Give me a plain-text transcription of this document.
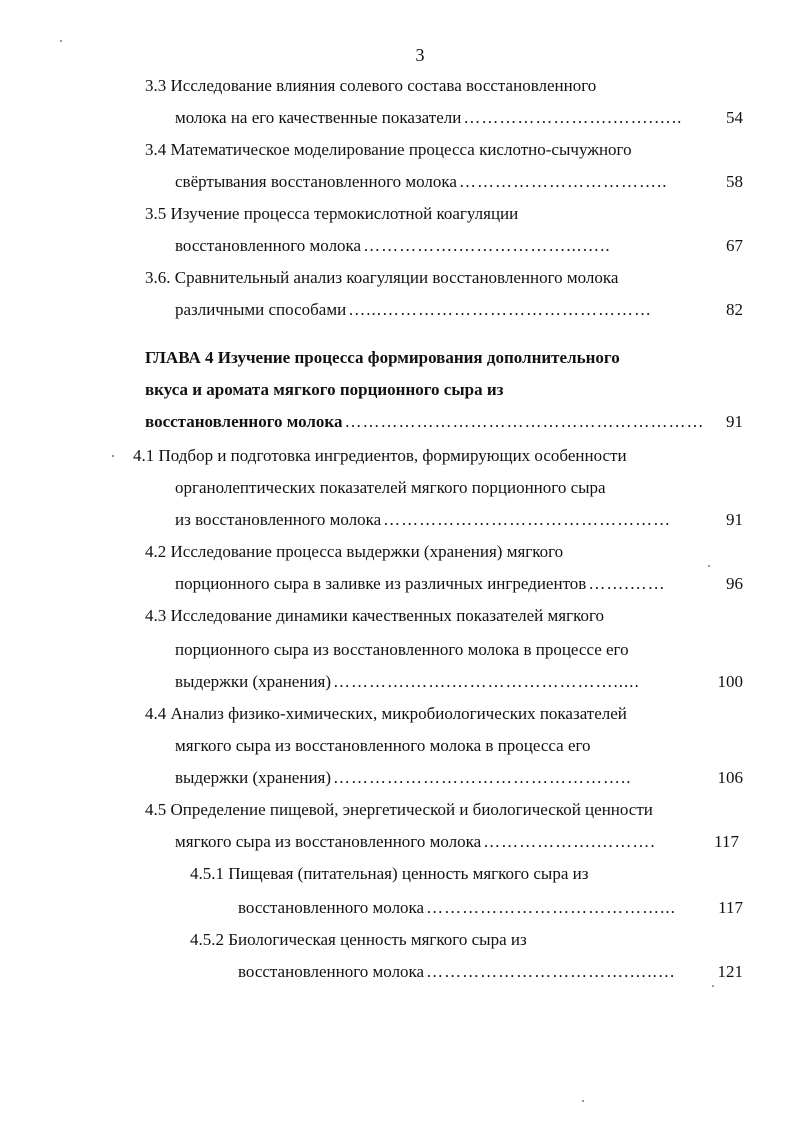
3
3.3 Исследование влияния солевого состава восстановленного
молока на его качественные показатели …………………….…….…..	54
3.4 Математическое моделирование процесса кислотно-сычужного
свёртывания восстановленного молока ……………………………..	58
3.5 Изучение процесса термокислотной коагуляции
восстановленного молока …………….………………...…..	67
3.6. Сравнительный анализ коагуляции восстановленного молока
различными способами …...………………………………………	82
ГЛАВА 4 Изучение процесса формирования дополнительного
вкуса и аромата мягкого порционного сыра из
восстановленного молока ……………………………………………………	91
4.1 Подбор и подготовка ингредиентов, формирующих особенности
органолептических показателей мягкого порционного сыра
из восстановленного молока …………………………………………	91
4.2 Исследование процесса выдержки (хранения) мягкого
порционного сыра в заливке из различных ингредиентов …….……	96
4.3 Исследование динамики качественных показателей мягкого
порционного сыра из восстановленного молока в процессе его
выдержки (хранения) ………….…….……………………….....	100
4.4 Анализ физико-химических, микробиологических показателей
мягкого сыра из восстановленного молока в процесса его
выдержки (хранения) …………………………………………..	106
4.5 Определение пищевой, энергетической и биологической ценности
мягкого сыра из восстановленного молока ……………….……….	117
4.5.1 Пищевая (питательная) ценность мягкого сыра из
восстановленного молока …………………………………...	117
4.5.2 Биологическая ценность мягкого сыра из
восстановленного молока …………………………….…..…	121
